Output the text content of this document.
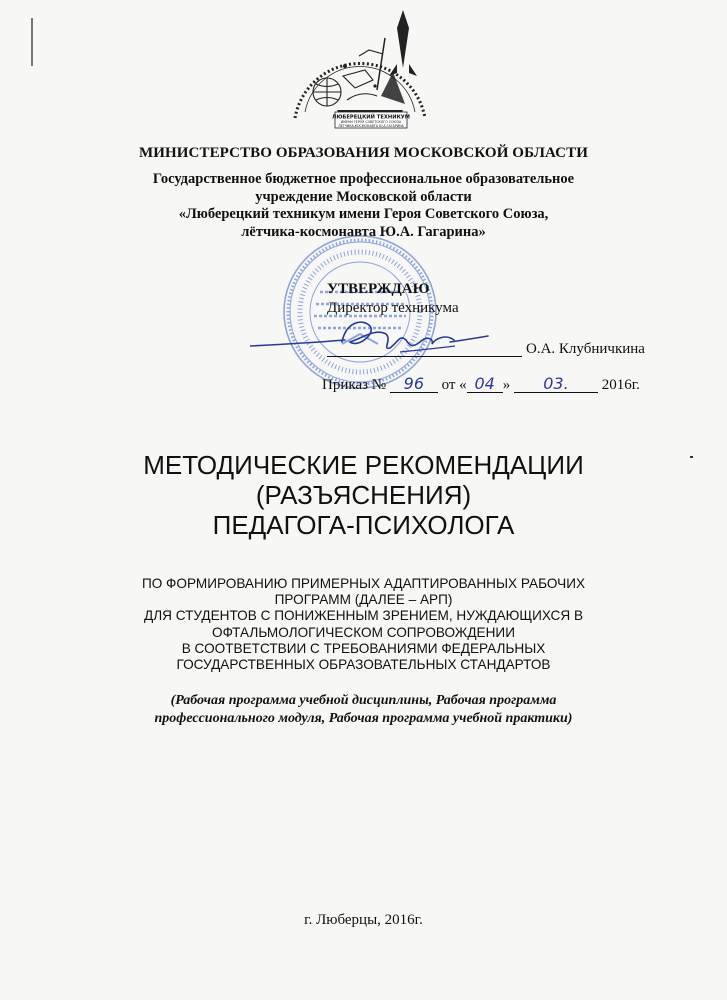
ЛЮБЕРЕЦКИЙ ТЕХНИКУМ
ИМЕНИ ГЕРОЯ СОВЕТСКОГО СОЮЗА
ЛЁТЧИКА-КОСМОНАВТА Ю.А.ГАГАРИНА
МИНИСТЕРСТВО ОБРАЗОВАНИЯ МОСКОВСКОЙ ОБЛАСТИ
Государственное бюджетное профессиональное образовательное
учреждение Московской области
«Люберецкий техникум имени Героя Советского Союза,
лётчика-космонавта Ю.А. Гагарина»
УТВЕРЖДАЮ
Директор техникума
О.А. Клубничкина
Приказ № 96 от « 04 » 03. 2016г.
МЕТОДИЧЕСКИЕ РЕКОМЕНДАЦИИ
(РАЗЪЯСНЕНИЯ)
ПЕДАГОГА-ПСИХОЛОГА
ПО ФОРМИРОВАНИЮ ПРИМЕРНЫХ АДАПТИРОВАННЫХ РАБОЧИХ
ПРОГРАММ (ДАЛЕЕ – АРП)
ДЛЯ СТУДЕНТОВ С ПОНИЖЕННЫМ ЗРЕНИЕМ, НУЖДАЮЩИХСЯ В
ОФТАЛЬМОЛОГИЧЕСКОМ СОПРОВОЖДЕНИИ
В СООТВЕТСТВИИ С ТРЕБОВАНИЯМИ ФЕДЕРАЛЬНЫХ
ГОСУДАРСТВЕННЫХ ОБРАЗОВАТЕЛЬНЫХ СТАНДАРТОВ
(Рабочая программа учебной дисциплины, Рабочая программа
профессионального модуля, Рабочая программа учебной практики)
г. Люберцы, 2016г.
